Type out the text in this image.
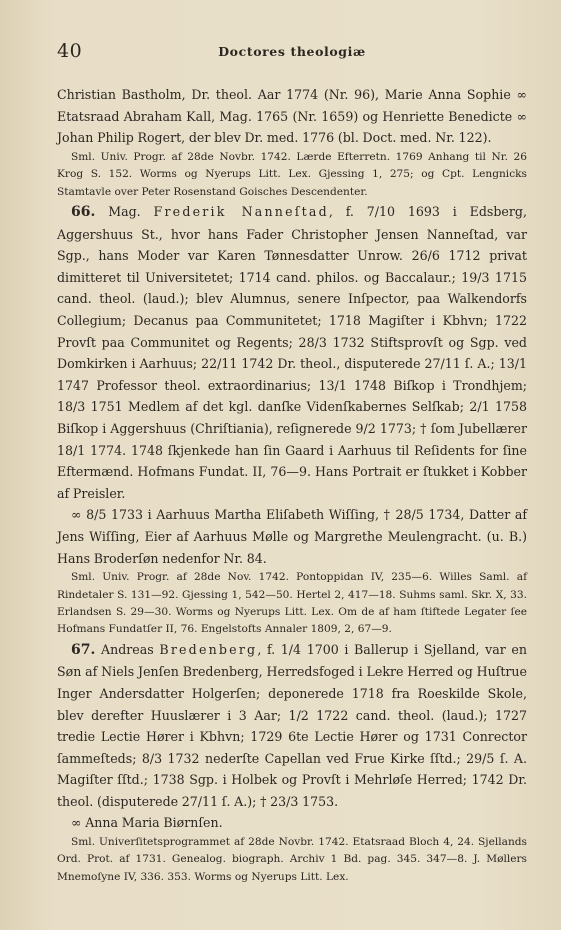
40	Doctores theologiæ

Christian Bastholm, Dr. theol. Aar 1774 (Nr. 96), Marie Anna Sophie ∞ Etatsraad Abraham Kall, Mag. 1765 (Nr. 1659) og Henriette Benedicte ∞ Johan Philip Rogert, der blev Dr. med. 1776 (bl. Doct. med. Nr. 122).

Sml. Univ. Progr. af 28de Novbr. 1742. Lærde Efterretn. 1769 Anhang til Nr. 26 Krog S. 152. Worms og Nyerups Litt. Lex. Gjessing 1, 275; og Cpt. Lengnicks Stamtavle over Peter Rosenstand Goisches Descendenter.

66. Mag. Frederik Nanneſtad, f. 7/10 1693 i Edsberg, Aggershuus St., hvor hans Fader Christopher Jensen Nanneſtad, var Sgp., hans Moder var Karen Tønnesdatter Unrow. 26/6 1712 privat dimitteret til Universitetet; 1714 cand. philos. og Baccalaur.; 19/3 1715 cand. theol. (laud.); blev Alumnus, senere Inſpector, paa Walkendorfs Collegium; Decanus paa Communitetet; 1718 Magiſter i Kbhvn; 1722 Provſt paa Communitet og Regents; 28/3 1732 Stiftsprovſt og Sgp. ved Domkirken i Aarhuus; 22/11 1742 Dr. theol., disputerede 27/11 ſ. A.; 13/1 1747 Professor theol. extraordinarius; 13/1 1748 Biſkop i Trondhjem; 18/3 1751 Medlem af det kgl. danſke Videnſkabernes Selſkab; 2/1 1758 Biſkop i Aggershuus (Chriſtiania), reſignerede 9/2 1773; † ſom Jubellærer 18/1 1774. 1748 ſkjenkede han ſin Gaard i Aarhuus til Reſidents for ſine Eftermænd. Hofmans Fundat. II, 76—9. Hans Portrait er ſtukket i Kobber af Preisler.

∞ 8/5 1733 i Aarhuus Martha Eliſabeth Wiſſing, † 28/5 1734, Datter af Jens Wiſſing, Eier af Aarhuus Mølle og Margrethe Meulengracht. (u. B.) Hans Broderſøn nedenfor Nr. 84.

Sml. Univ. Progr. af 28de Nov. 1742. Pontoppidan IV, 235—6. Willes Saml. af Rindetaler S. 131—92. Gjessing 1, 542—50. Hertel 2, 417—18. Suhms saml. Skr. X, 33. Erlandsen S. 29—30. Worms og Nyerups Litt. Lex. Om de af ham ſtiftede Legater ſee Hofmans Fundatſer II, 76. Engelstofts Annaler 1809, 2, 67—9.

67. Andreas Bredenberg, f. 1/4 1700 i Ballerup i Sjelland, var en Søn af Niels Jenſen Bredenberg, Herredsfoged i Lekre Herred og Huſtrue Inger Andersdatter Holgerſen; deponerede 1718 fra Roeskilde Skole, blev derefter Huuslærer i 3 Aar; 1/2 1722 cand. theol. (laud.); 1727 tredie Lectie Hører i Kbhvn; 1729 6te Lectie Hører og 1731 Conrector ſammeſteds; 8/3 1732 nederſte Capellan ved Frue Kirke ſſtd.; 29/5 ſ. A. Magiſter ſſtd.; 1738 Sgp. i Holbek og Provſt i Mehrløſe Herred; 1742 Dr. theol. (disputerede 27/11 ſ. A.); † 23/3 1753.

∞ Anna Maria Biørnſen.

Sml. Univerſitetsprogrammet af 28de Novbr. 1742. Etatsraad Bloch 4, 24. Sjellands Ord. Prot. af 1731. Genealog. biograph. Archiv 1 Bd. pag. 345. 347—8. J. Møllers Mnemoſyne IV, 336. 353. Worms og Nyerups Litt. Lex.
